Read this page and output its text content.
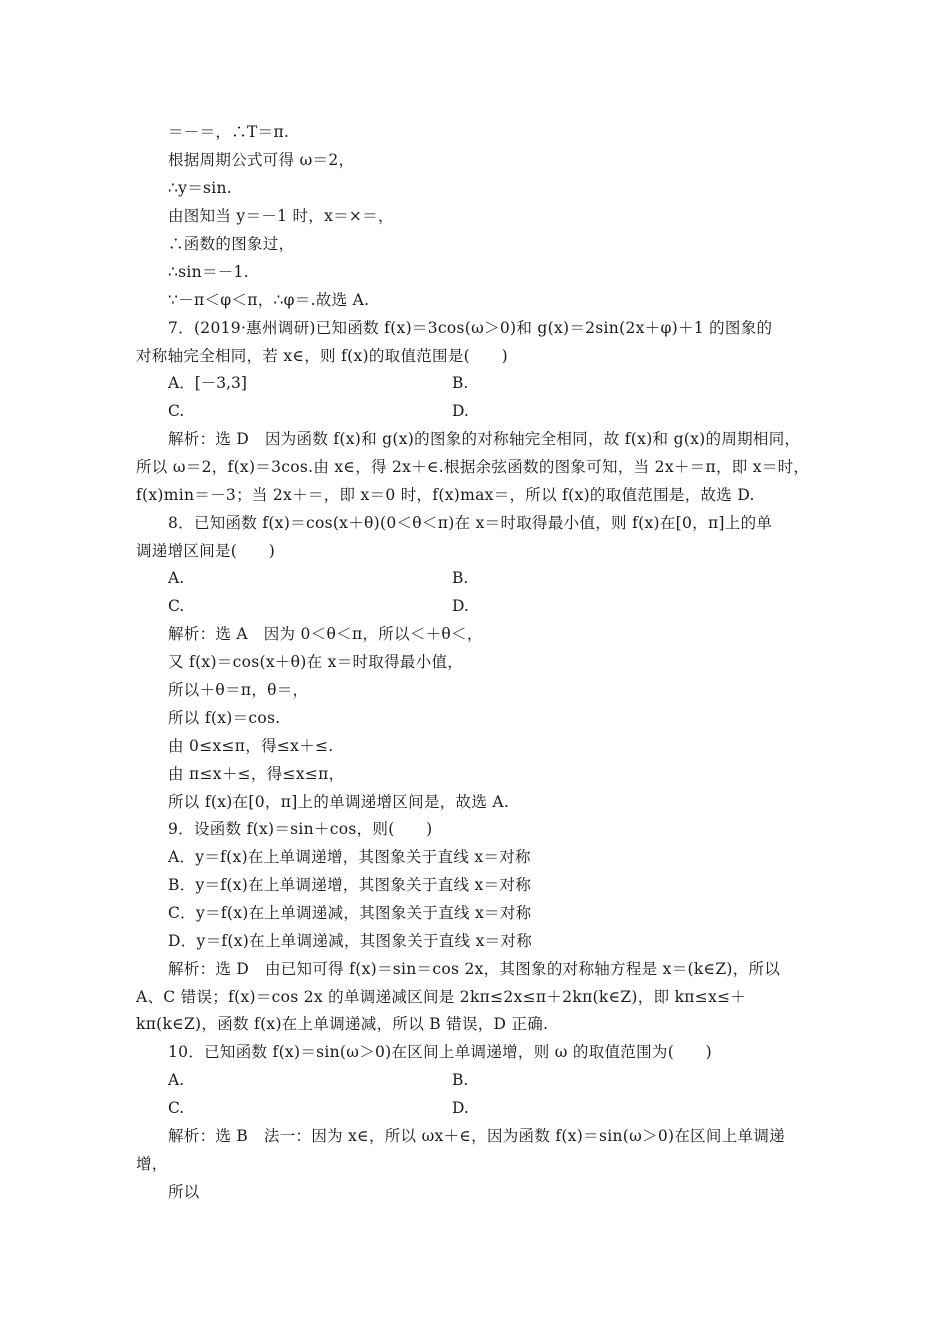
＝－＝，∴T＝π.
根据周期公式可得 ω＝2，
∴y＝sin.
由图知当 y＝－1 时，x＝×＝，
∴函数的图象过，
∴sin＝－1.
∵－π＜φ＜π，∴φ＝.故选 A.
7．(2019·惠州调研)已知函数 f(x)＝3cos(ω＞0)和 g(x)＝2sin(2x＋φ)＋1 的图象的
对称轴完全相同，若 x∈，则 f(x)的取值范围是(　　)
A．[－3,3]	B.
C.	D.
解析：选 D　因为函数 f(x)和 g(x)的图象的对称轴完全相同，故 f(x)和 g(x)的周期相同，
所以 ω＝2，f(x)＝3cos.由 x∈，得 2x＋∈.根据余弦函数的图象可知，当 2x＋＝π，即 x＝时，
f(x)min＝－3；当 2x＋＝，即 x＝0 时，f(x)max＝，所以 f(x)的取值范围是，故选 D.
8．已知函数 f(x)＝cos(x＋θ)(0＜θ＜π)在 x＝时取得最小值，则 f(x)在[0，π]上的单
调递增区间是(　　)
A.	B.
C.	D.
解析：选 A　因为 0＜θ＜π，所以＜＋θ＜，
又 f(x)＝cos(x＋θ)在 x＝时取得最小值，
所以＋θ＝π，θ＝，
所以 f(x)＝cos.
由 0≤x≤π，得≤x＋≤.
由 π≤x＋≤，得≤x≤π，
所以 f(x)在[0，π]上的单调递增区间是，故选 A.
9．设函数 f(x)＝sin＋cos，则(　　)
A．y＝f(x)在上单调递增，其图象关于直线 x＝对称
B．y＝f(x)在上单调递增，其图象关于直线 x＝对称
C．y＝f(x)在上单调递减，其图象关于直线 x＝对称
D．y＝f(x)在上单调递减，其图象关于直线 x＝对称
解析：选 D　由已知可得 f(x)＝sin＝cos 2x，其图象的对称轴方程是 x＝(k∈Z)，所以
A、C 错误；f(x)＝cos 2x 的单调递减区间是 2kπ≤2x≤π＋2kπ(k∈Z)，即 kπ≤x≤＋
kπ(k∈Z)，函数 f(x)在上单调递减，所以 B 错误，D 正确.
10．已知函数 f(x)＝sin(ω＞0)在区间上单调递增，则 ω 的取值范围为(　　)
A.	B.
C.	D.
解析：选 B　法一：因为 x∈，所以 ωx＋∈，因为函数 f(x)＝sin(ω＞0)在区间上单调递
增，
所以
